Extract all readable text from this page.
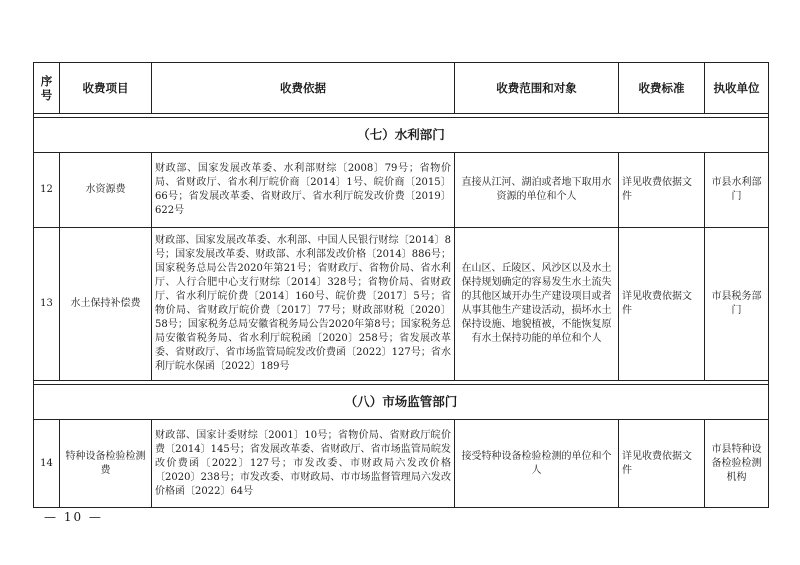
序号	收费项目	收费依据	收费范围和对象	收费标准	执收单位

（七）水利部门					
12	水资源费	财政部、国家发展改革委、水利部财综〔2008〕79号；省物价局、省财政厅、省水利厅皖价商〔2014〕1号、皖价商〔2015〕66号；省发展改革委、省财政厅、省水利厅皖发改价费〔2019〕622号	直接从江河、湖泊或者地下取用水资源的单位和个人	详见收费依据文件	市县水利部门
13	水土保持补偿费	财政部、国家发展改革委、水利部、中国人民银行财综〔2014〕8号；国家发展改革委、财政部、水利部发改价格〔2014〕886号；国家税务总局公告2020年第21号；省财政厅、省物价局、省水利厅、人行合肥中心支行财综〔2014〕328号；省物价局、省财政厅、省水利厅皖价费〔2014〕160号、皖价费〔2017〕5号；省物价局、省财政厅皖价费〔2017〕77号；财政部财税〔2020〕58号；国家税务总局安徽省税务局公告2020年第8号；国家税务总局安徽省税务局、省水利厅皖税函〔2020〕258号；省发展改革委、省财政厅、省市场监管局皖发改价费函〔2022〕127号；省水利厅皖水保函〔2022〕189号	在山区、丘陵区、风沙区以及水土保持规划确定的容易发生水土流失的其他区域开办生产建设项目或者从事其他生产建设活动，损坏水土保持设施、地貌植被，不能恢复原有水土保持功能的单位和个人	详见收费依据文件	市县税务部门

（八）市场监管部门					
14	特种设备检验检测费	财政部、国家计委财综〔2001〕10号；省物价局、省财政厅皖价费〔2014〕145号；省发展改革委、省财政厅、省市场监管局皖发改价费函〔2022〕127号；市发改委、市财政局六发改价格〔2020〕238号；市发改委、市财政局、市市场监督管理局六发改价格函〔2022〕64号	接受特种设备检验检测的单位和个人	详见收费依据文件	市县特种设备检验检测机构
— 10 —
